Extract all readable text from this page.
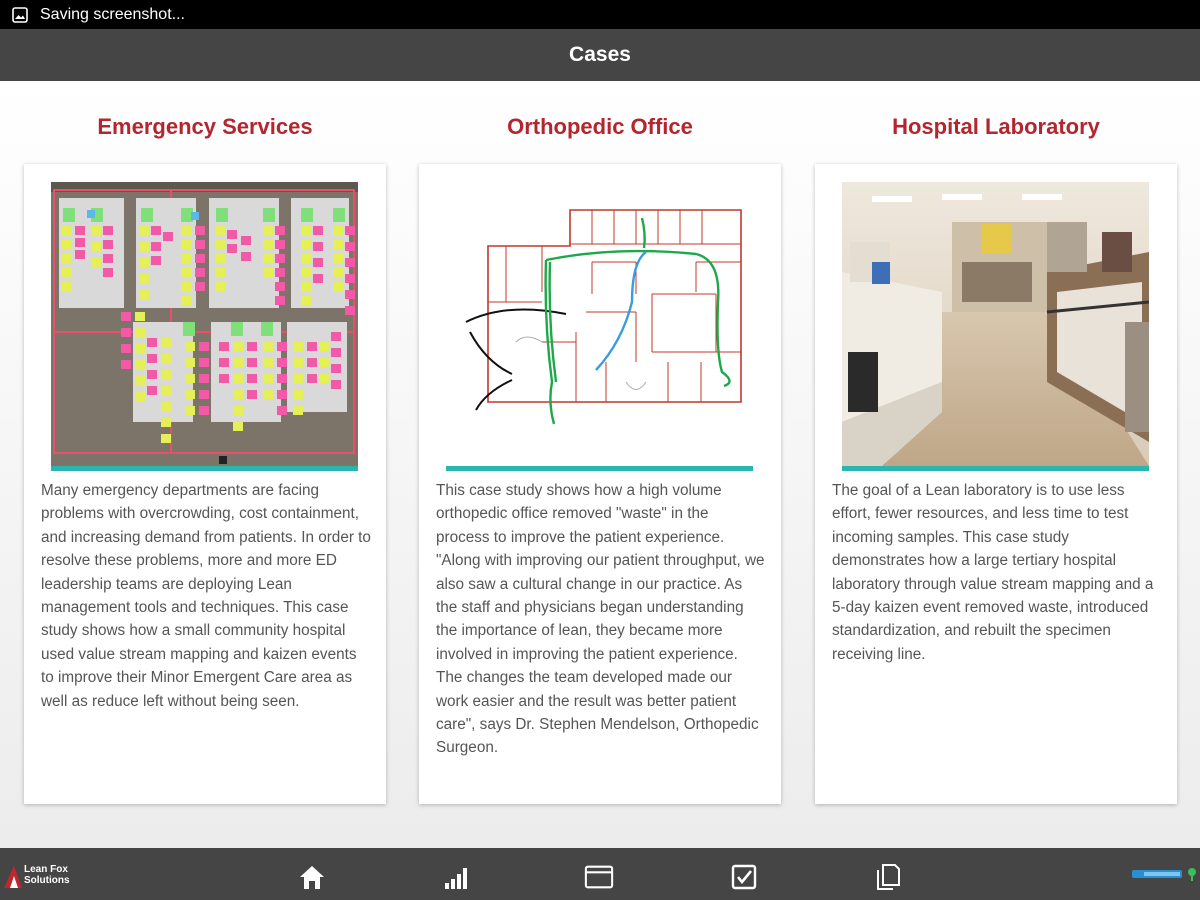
Saving screenshot...
Cases
Emergency Services
Many emergency departments are facing problems with overcrowding, cost containment, and increasing demand from patients. In order to resolve these problems, more and more ED leadership teams are deploying Lean management tools and techniques. This case study shows how a small community hospital used value stream mapping and kaizen events to improve their Minor Emergent Care area as well as reduce left without being seen.
Orthopedic Office
This case study shows how a high volume orthopedic office removed "waste" in the process to improve the patient experience. "Along with improving our patient throughput, we also saw a cultural change in our practice. As the staff and physicians began understanding the importance of lean, they became more involved in improving the patient experience. The changes the team developed made our work easier and the result was better patient care", says Dr. Stephen Mendelson, Orthopedic Surgeon.
Hospital Laboratory
The goal of a Lean laboratory is to use less effort, fewer resources, and less time to test incoming samples. This case study demonstrates how a large tertiary hospital laboratory through value stream mapping and a 5-day kaizen event removed waste, introduced standardization, and rebuilt the specimen receiving line.
Lean Fox
Solutions
